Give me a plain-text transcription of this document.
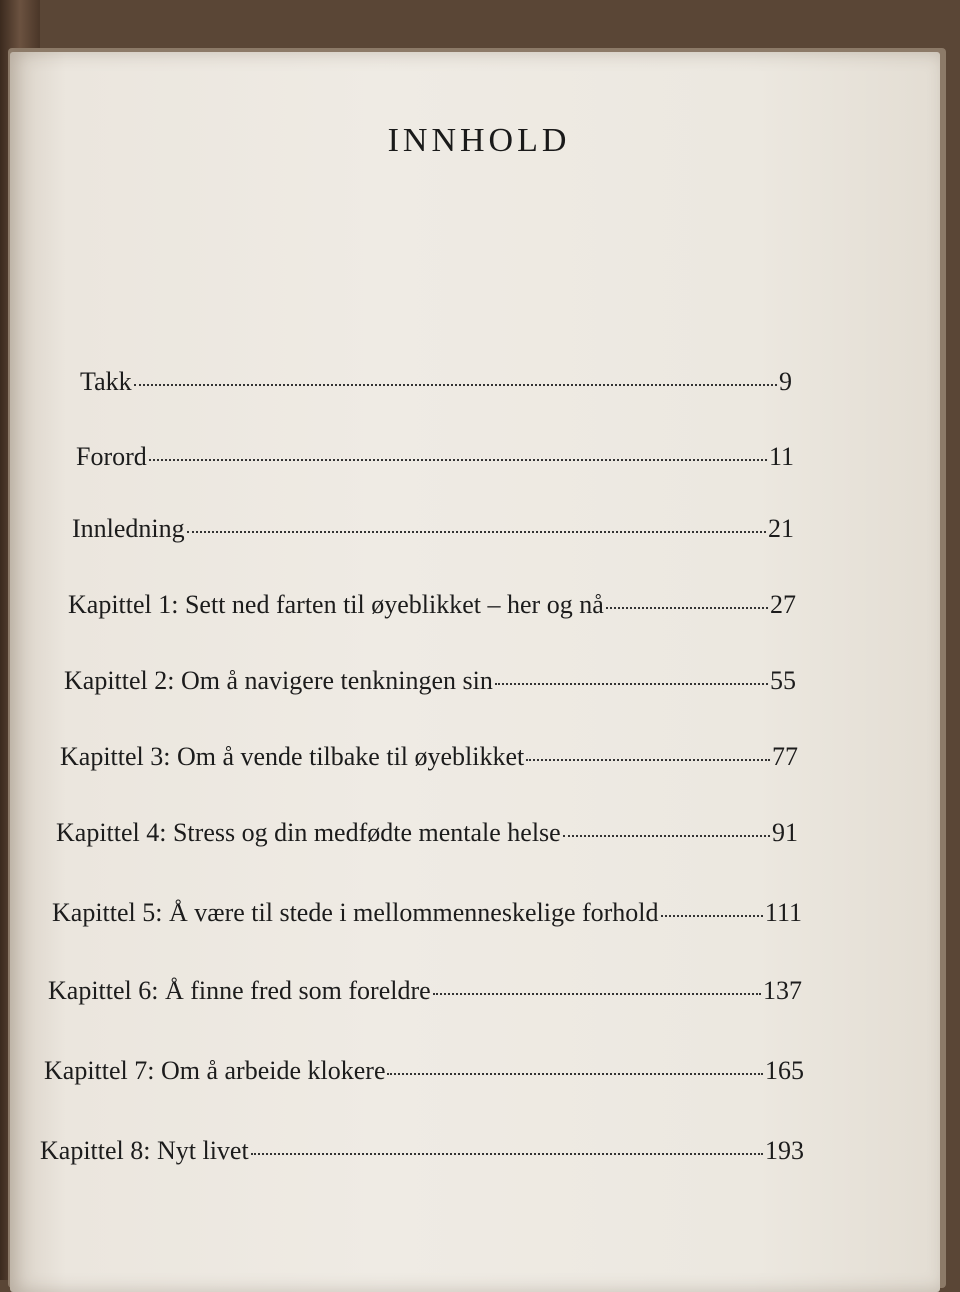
INNHOLD
Takk	9
Forord	11
Innledning	21
Kapittel 1: Sett ned farten til øyeblikket – her og nå	27
Kapittel 2: Om å navigere tenkningen sin	55
Kapittel 3: Om å vende tilbake til øyeblikket	77
Kapittel 4: Stress og din medfødte mentale helse	91
Kapittel 5: Å være til stede i mellommenneskelige forhold	111
Kapittel 6: Å finne fred som foreldre	137
Kapittel 7: Om å arbeide klokere	165
Kapittel 8: Nyt livet	193
